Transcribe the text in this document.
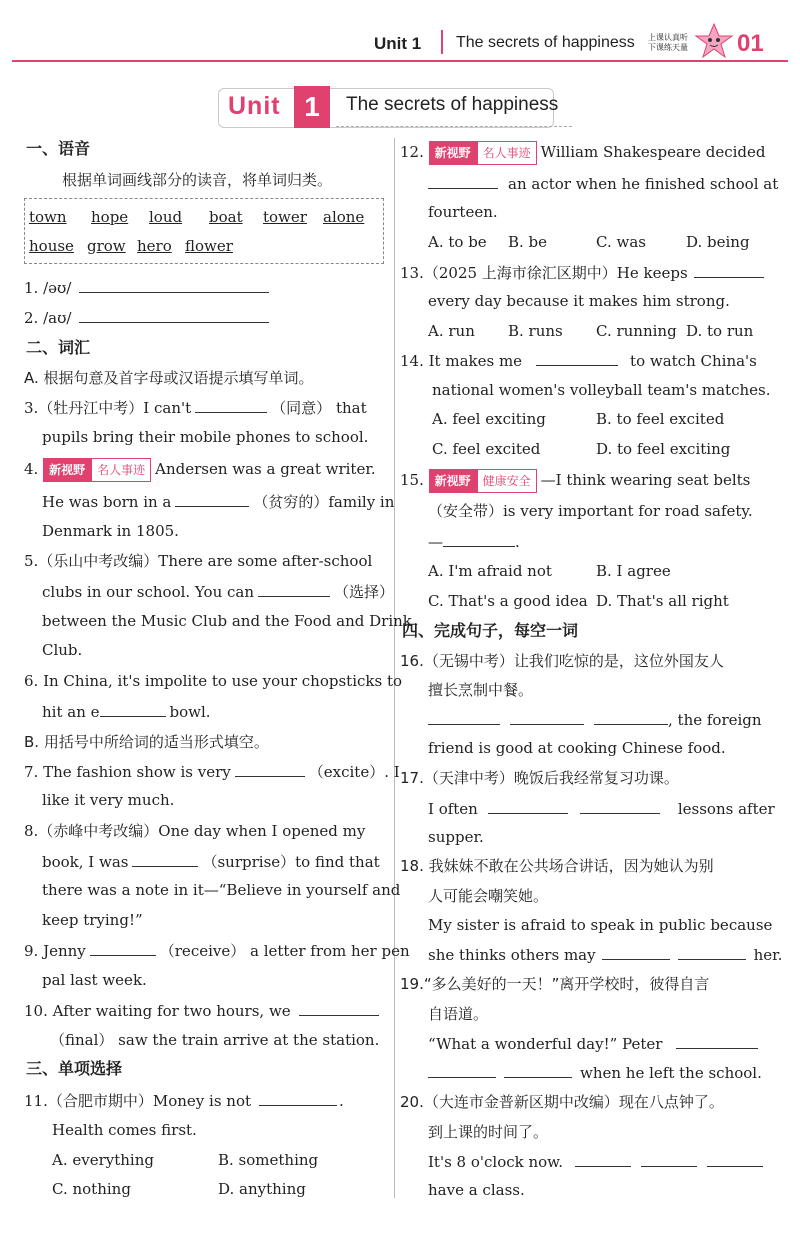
Unit 1 The secrets of happiness 上课认真听
下课练天量 01
Unit 1	The secrets of happiness
一、语音
根据单词画线部分的读音，将单词归类。
town hope loud boat tower alone
house grow hero flower
1. /əʊ/
2. /aʊ/
二、词汇
A. 根据句意及首字母或汉语提示填写单词。
3.（牡丹江中考）I can't	（同意） that
pupils bring their mobile phones to school.
4. 新视野 名人事迹 Andersen was a great writer.
He was born in a	（贫穷的）family in
Denmark in 1805.
5.（乐山中考改编）There are some after-school
clubs in our school. You can	（选择）
between the Music Club and the Food and Drink
Club.
6. In China, it's impolite to use your chopsticks to
hit an e	bowl.
B. 用括号中所给词的适当形式填空。
7. The fashion show is very	（excite）. I
like it very much.
8.（赤峰中考改编）One day when I opened my
book, I was	（surprise）to find that
there was a note in it—“Believe in yourself and
keep trying!”
9. Jenny	（receive） a letter from her pen
pal last week.
10. After waiting for two hours, we
（final） saw the train arrive at the station.
三、单项选择
11.（合肥市期中）Money is not	.
Health comes first.
A. everything	B. something
C. nothing	D. anything
12. 新视野 名人事迹 William Shakespeare decided
an actor when he finished school at
fourteen.
A. to be B. be	C. was	D. being
13.（2025 上海市徐汇区期中）He keeps
every day because it makes him strong.
A. run B. runs C. running D. to run
14. It makes me	to watch China's
national women's volleyball team's matches.
A. feel exciting	B. to feel excited
C. feel excited	D. to feel exciting
15. 新视野 健康安全 —I think wearing seat belts
（安全带）is very important for road safety.
—	.
A. I'm afraid not	B. I agree
C. That's a good idea D. That's all right
四、完成句子，每空一词
16.（无锡中考）让我们吃惊的是，这位外国友人
擅长烹制中餐。
, the foreign
friend is good at cooking Chinese food.
17.（天津中考）晚饭后我经常复习功课。
I often	lessons after
supper.
18. 我妹妹不敢在公共场合讲话，因为她认为别
人可能会嘲笑她。
My sister is afraid to speak in public because
she thinks others may	her.
19.“多么美好的一天！”离开学校时，彼得自言
自语道。
“What a wonderful day!” Peter
when he left the school.
20.（大连市金普新区期中改编）现在八点钟了。
到上课的时间了。
It's 8 o'clock now.
have a class.
